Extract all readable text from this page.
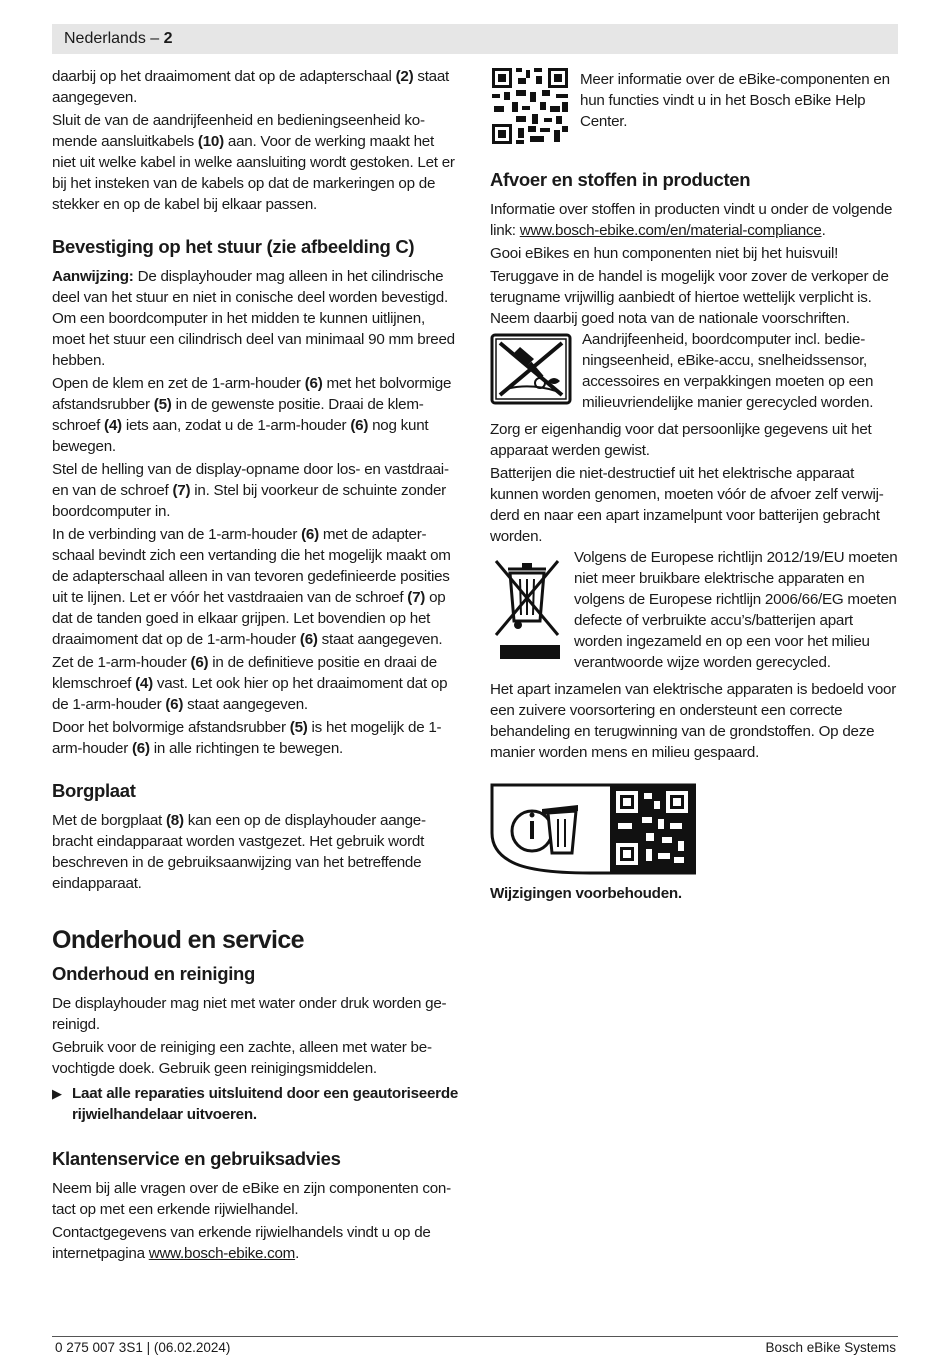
Nederlands – 2

daarbij op het draaimoment dat op de adapterschaal (2) staat aangegeven.

Sluit de van de aandrijfeenheid en bedieningseenheid komende aansluitkabels (10) aan. Voor de werking maakt het niet uit welke kabel in welke aansluiting wordt gestoken. Let er bij het insteken van de kabels op dat de markeringen op de stekker en op de kabel bij elkaar passen.

Bevestiging op het stuur (zie afbeelding C)

Aanwijzing: De displayhouder mag alleen in het cilindrische deel van het stuur en niet in conische deel worden bevestigd. Om een boordcomputer in het midden te kunnen uitlijnen, moet het stuur een cilindrisch deel van minimaal 90 mm breed hebben.

Open de klem en zet de 1-arm-houder (6) met het bolvormige afstandsrubber (5) in de gewenste positie. Draai de klemschroef (4) iets aan, zodat u de 1-arm-houder (6) nog kunt bewegen.

Stel de helling van de display-opname door los- en vastdraaien van de schroef (7) in. Stel bij voorkeur de schuinte zonder boordcomputer in.

In de verbinding van de 1-arm-houder (6) met de adapterschaal bevindt zich een vertanding die het mogelijk maakt om de adapterschaal alleen in van tevoren gedefinieerde posities uit te lijnen. Let er vóór het vastdraaien van de schroef (7) op dat de tanden goed in elkaar grijpen. Let bovendien op het draaimoment dat op de 1-arm-houder (6) staat aangegeven.

Zet de 1-arm-houder (6) in de definitieve positie en draai de klemschroef (4) vast. Let ook hier op het draaimoment dat op de 1-arm-houder (6) staat aangegeven.

Door het bolvormige afstandsrubber (5) is het mogelijk de 1-arm-houder (6) in alle richtingen te bewegen.

Borgplaat

Met de borgplaat (8) kan een op de displayhouder aangebracht eindapparaat worden vastgezet. Het gebruik wordt beschreven in de gebruiksaanwijzing van het betreffende eindapparaat.

Onderhoud en service
Onderhoud en reiniging

De displayhouder mag niet met water onder druk worden gereinigd.

Gebruik voor de reiniging een zachte, alleen met water bevochtigde doek. Gebruik geen reinigingsmiddelen.

▶ Laat alle reparaties uitsluitend door een geautoriseerde rijwielhandelaar uitvoeren.

Klantenservice en gebruiksadvies

Neem bij alle vragen over de eBike en zijn componenten contact op met een erkende rijwielhandel.

Contactgegevens van erkende rijwielhandels vindt u op de internetpagina www.bosch-ebike.com.

Meer informatie over de eBike-componenten en hun functies vindt u in het Bosch eBike Help Center.

Afvoer en stoffen in producten

Informatie over stoffen in producten vindt u onder de volgende link: www.bosch-ebike.com/en/material-compliance.

Gooi eBikes en hun componenten niet bij het huisvuil!

Teruggave in de handel is mogelijk voor zover de verkoper de terugname vrijwillig aanbiedt of hiertoe wettelijk verplicht is. Neem daarbij goed nota van de nationale voorschriften.

Aandrijfeenheid, boordcomputer incl. bedieningseenheid, eBike-accu, snelheidssensor, accessoires en verpakkingen moeten op een milieuvriendelijke manier gerecycled worden.

Zorg er eigenhandig voor dat persoonlijke gegevens uit het apparaat werden gewist.

Batterijen die niet-destructief uit het elektrische apparaat kunnen worden genomen, moeten vóór de afvoer zelf verwijderd en naar een apart inzamelpunt voor batterijen gebracht worden.

Volgens de Europese richtlijn 2012/19/EU moeten niet meer bruikbare elektrische apparaten en volgens de Europese richtlijn 2006/66/EG moeten defecte of verbruikte accu’s/batterijen apart worden ingezameld en op een voor het milieu verantwoorde wijze worden gerecycled.

Het apart inzamelen van elektrische apparaten is bedoeld voor een zuivere voorsortering en ondersteunt een correcte behandeling en terugwinning van de grondstoffen. Op deze manier worden mens en milieu gespaard.

Wijzigingen voorbehouden.

0 275 007 3S1 | (06.02.2024)	Bosch eBike Systems
